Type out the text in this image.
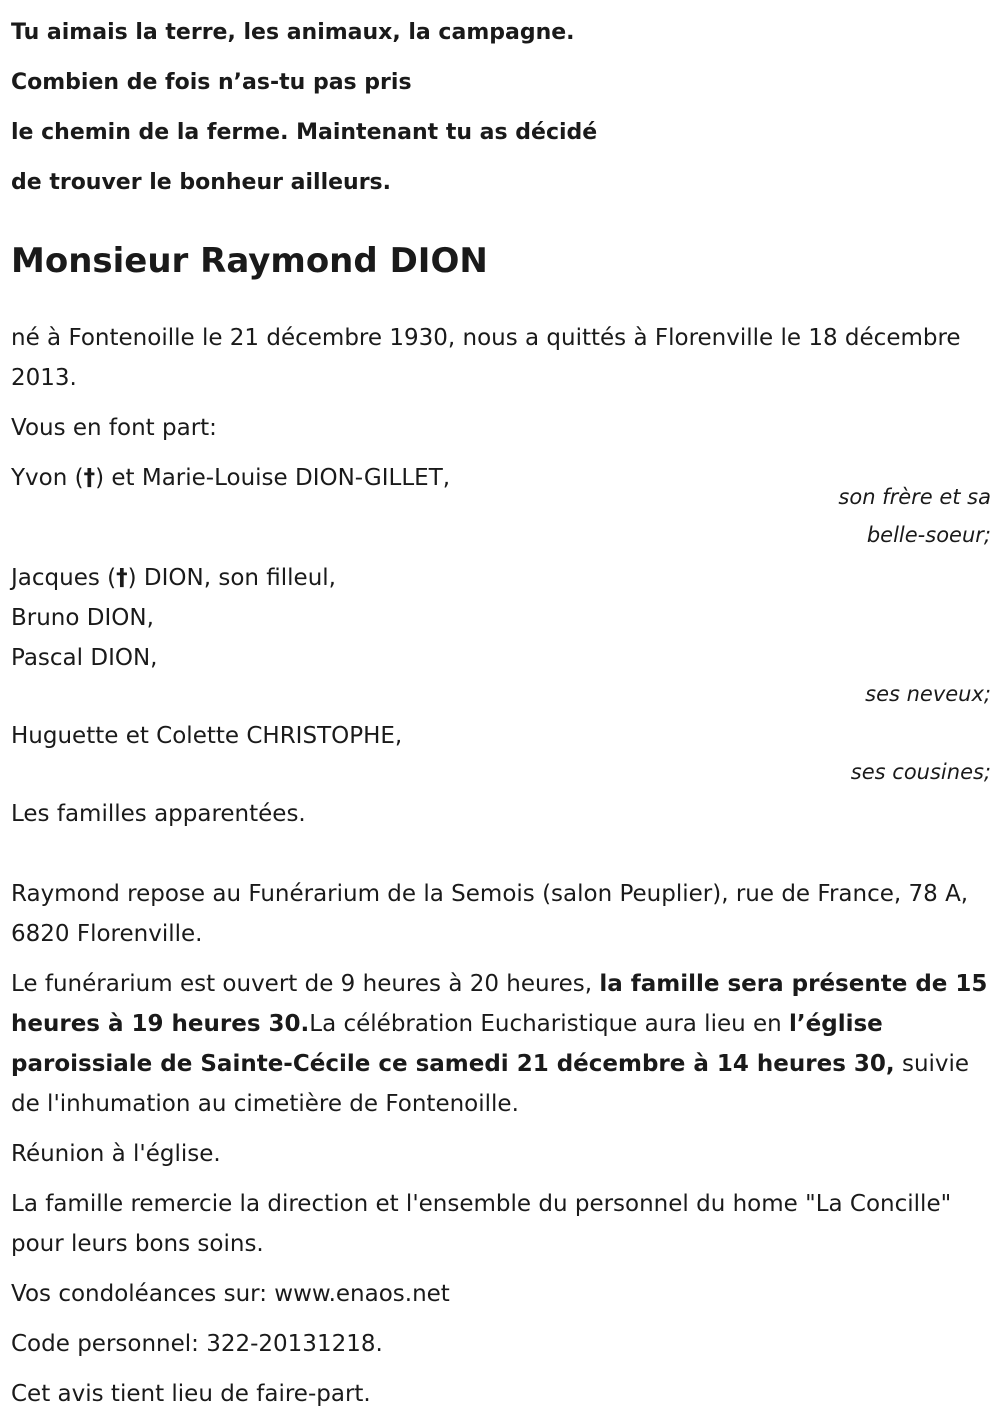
Tu aimais la terre, les animaux, la campagne.
Combien de fois n’as-tu pas pris
le chemin de la ferme. Maintenant tu as décidé
de trouver le bonheur ailleurs.
Monsieur Raymond DION

né à Fontenoille le 21 décembre 1930, nous a quittés à Florenville le 18 décembre 2013.

Vous en font part:

Yvon (†) et Marie-Louise DION-GILLET,

son frère et sa

belle-soeur;

Jacques (†) DION, son filleul,

Bruno DION,

Pascal DION,

ses neveux;

Huguette et Colette CHRISTOPHE,

ses cousines;

Les familles apparentées.

Raymond repose au Funérarium de la Semois (salon Peuplier), rue de France, 78 A, 6820 Florenville.

Le funérarium est ouvert de 9 heures à 20 heures, la famille sera présente de 15 heures à 19 heures 30.La célébration Eucharistique aura lieu en l’église paroissiale de Sainte-Cécile ce samedi 21 décembre à 14 heures 30, suivie de l'inhumation au cimetière de Fontenoille.

Réunion à l'église.

La famille remercie la direction et l'ensemble du personnel du home "La Concille" pour leurs bons soins.

Vos condoléances sur: www.enaos.net

Code personnel: 322-20131218.

Cet avis tient lieu de faire-part.
